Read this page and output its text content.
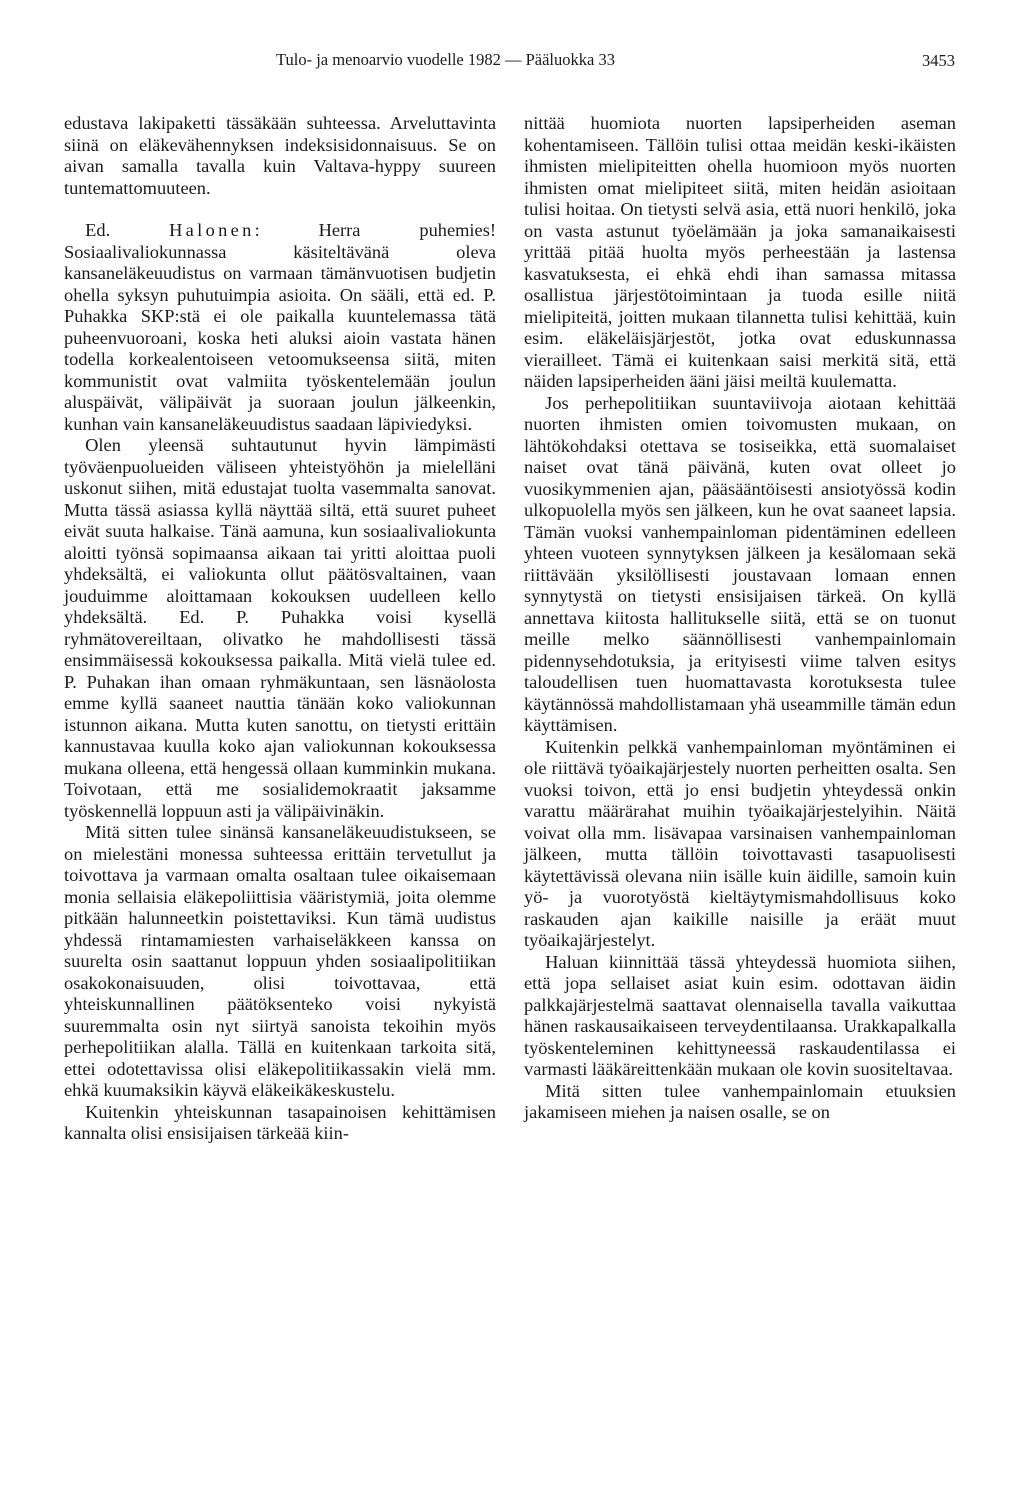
Tulo- ja menoarvio vuodelle 1982 — Pääluokka 33	3453

edustava lakipaketti tässäkään suhteessa. Arveluttavinta siinä on eläkevähennyksen indeksisidonnaisuus. Se on aivan samalla tavalla kuin Valtava-hyppy suureen tuntemattomuuteen.

Ed. Halonen: Herra puhemies! Sosiaalivaliokunnassa käsiteltävänä oleva kansaneläkeuudistus on varmaan tämänvuotisen budjetin ohella syksyn puhutuimpia asioita. On sääli, että ed. P. Puhakka SKP:stä ei ole paikalla kuuntelemassa tätä puheenvuoroani, koska heti aluksi aioin vastata hänen todella korkealentoiseen vetoomukseensa siitä, miten kommunistit ovat valmiita työskentelemään joulun aluspäivät, välipäivät ja suoraan joulun jälkeenkin, kunhan vain kansaneläkeuudistus saadaan läpiviedyksi.

Olen yleensä suhtautunut hyvin lämpimästi työväenpuolueiden väliseen yhteistyöhön ja mielelläni uskonut siihen, mitä edustajat tuolta vasemmalta sanovat. Mutta tässä asiassa kyllä näyttää siltä, että suuret puheet eivät suuta halkaise. Tänä aamuna, kun sosiaalivaliokunta aloitti työnsä sopimaansa aikaan tai yritti aloittaa puoli yhdeksältä, ei valiokunta ollut päätösvaltainen, vaan jouduimme aloittamaan kokouksen uudelleen kello yhdeksältä. Ed. P. Puhakka voisi kysellä ryhmätovereiltaan, olivatko he mahdollisesti tässä ensimmäisessä kokouksessa paikalla. Mitä vielä tulee ed. P. Puhakan ihan omaan ryhmäkuntaan, sen läsnäolosta emme kyllä saaneet nauttia tänään koko valiokunnan istunnon aikana. Mutta kuten sanottu, on tietysti erittäin kannustavaa kuulla koko ajan valiokunnan kokouksessa mukana olleena, että hengessä ollaan kumminkin mukana. Toivotaan, että me sosialidemokraatit jaksamme työskennellä loppuun asti ja välipäivinäkin.

Mitä sitten tulee sinänsä kansaneläkeuudistukseen, se on mielestäni monessa suhteessa erittäin tervetullut ja toivottava ja varmaan omalta osaltaan tulee oikaisemaan monia sellaisia eläkepoliittisia vääristymiä, joita olemme pitkään halunneetkin poistettaviksi. Kun tämä uudistus yhdessä rintamamiesten varhaiseläkkeen kanssa on suurelta osin saattanut loppuun yhden sosiaalipolitiikan osakokonaisuuden, olisi toivottavaa, että yhteiskunnallinen päätöksenteko voisi nykyistä suuremmalta osin nyt siirtyä sanoista tekoihin myös perhepolitiikan alalla. Tällä en kuitenkaan tarkoita sitä, ettei odotettavissa olisi eläkepolitiikassakin vielä mm. ehkä kuumaksikin käyvä eläkeikäkeskustelu.

Kuitenkin yhteiskunnan tasapainoisen kehittämisen kannalta olisi ensisijaisen tärkeää kiin-

nittää huomiota nuorten lapsiperheiden aseman kohentamiseen. Tällöin tulisi ottaa meidän keski-ikäisten ihmisten mielipiteitten ohella huomioon myös nuorten ihmisten omat mielipiteet siitä, miten heidän asioitaan tulisi hoitaa. On tietysti selvä asia, että nuori henkilö, joka on vasta astunut työelämään ja joka samanaikaisesti yrittää pitää huolta myös perheestään ja lastensa kasvatuksesta, ei ehkä ehdi ihan samassa mitassa osallistua järjestötoimintaan ja tuoda esille niitä mielipiteitä, joitten mukaan tilannetta tulisi kehittää, kuin esim. eläkeläisjärjestöt, jotka ovat eduskunnassa vierailleet. Tämä ei kuitenkaan saisi merkitä sitä, että näiden lapsiperheiden ääni jäisi meiltä kuulematta.

Jos perhepolitiikan suuntaviivoja aiotaan kehittää nuorten ihmisten omien toivomusten mukaan, on lähtökohdaksi otettava se tosiseikka, että suomalaiset naiset ovat tänä päivänä, kuten ovat olleet jo vuosikymmenien ajan, pääsääntöisesti ansiotyössä kodin ulkopuolella myös sen jälkeen, kun he ovat saaneet lapsia. Tämän vuoksi vanhempainloman pidentäminen edelleen yhteen vuoteen synnytyksen jälkeen ja kesälomaan sekä riittävään yksilöllisesti joustavaan lomaan ennen synnytystä on tietysti ensisijaisen tärkeä. On kyllä annettava kiitosta hallitukselle siitä, että se on tuonut meille melko säännöllisesti vanhempainlomain pidennysehdotuksia, ja erityisesti viime talven esitys taloudellisen tuen huomattavasta korotuksesta tulee käytännössä mahdollistamaan yhä useammille tämän edun käyttämisen.

Kuitenkin pelkkä vanhempainloman myöntäminen ei ole riittävä työaikajärjestely nuorten perheitten osalta. Sen vuoksi toivon, että jo ensi budjetin yhteydessä onkin varattu määrärahat muihin työaikajärjestelyihin. Näitä voivat olla mm. lisävapaa varsinaisen vanhempainloman jälkeen, mutta tällöin toivottavasti tasapuolisesti käytettävissä olevana niin isälle kuin äidille, samoin kuin yö- ja vuorotyöstä kieltäytymismahdollisuus koko raskauden ajan kaikille naisille ja eräät muut työaikajärjestelyt.

Haluan kiinnittää tässä yhteydessä huomiota siihen, että jopa sellaiset asiat kuin esim. odottavan äidin palkkajärjestelmä saattavat olennaisella tavalla vaikuttaa hänen raskausaikaiseen terveydentilaansa. Urakkapalkalla työskenteleminen kehittyneessä raskaudentilassa ei varmasti lääkäreittenkään mukaan ole kovin suositeltavaa.

Mitä sitten tulee vanhempainlomain etuuksien jakamiseen miehen ja naisen osalle, se on
